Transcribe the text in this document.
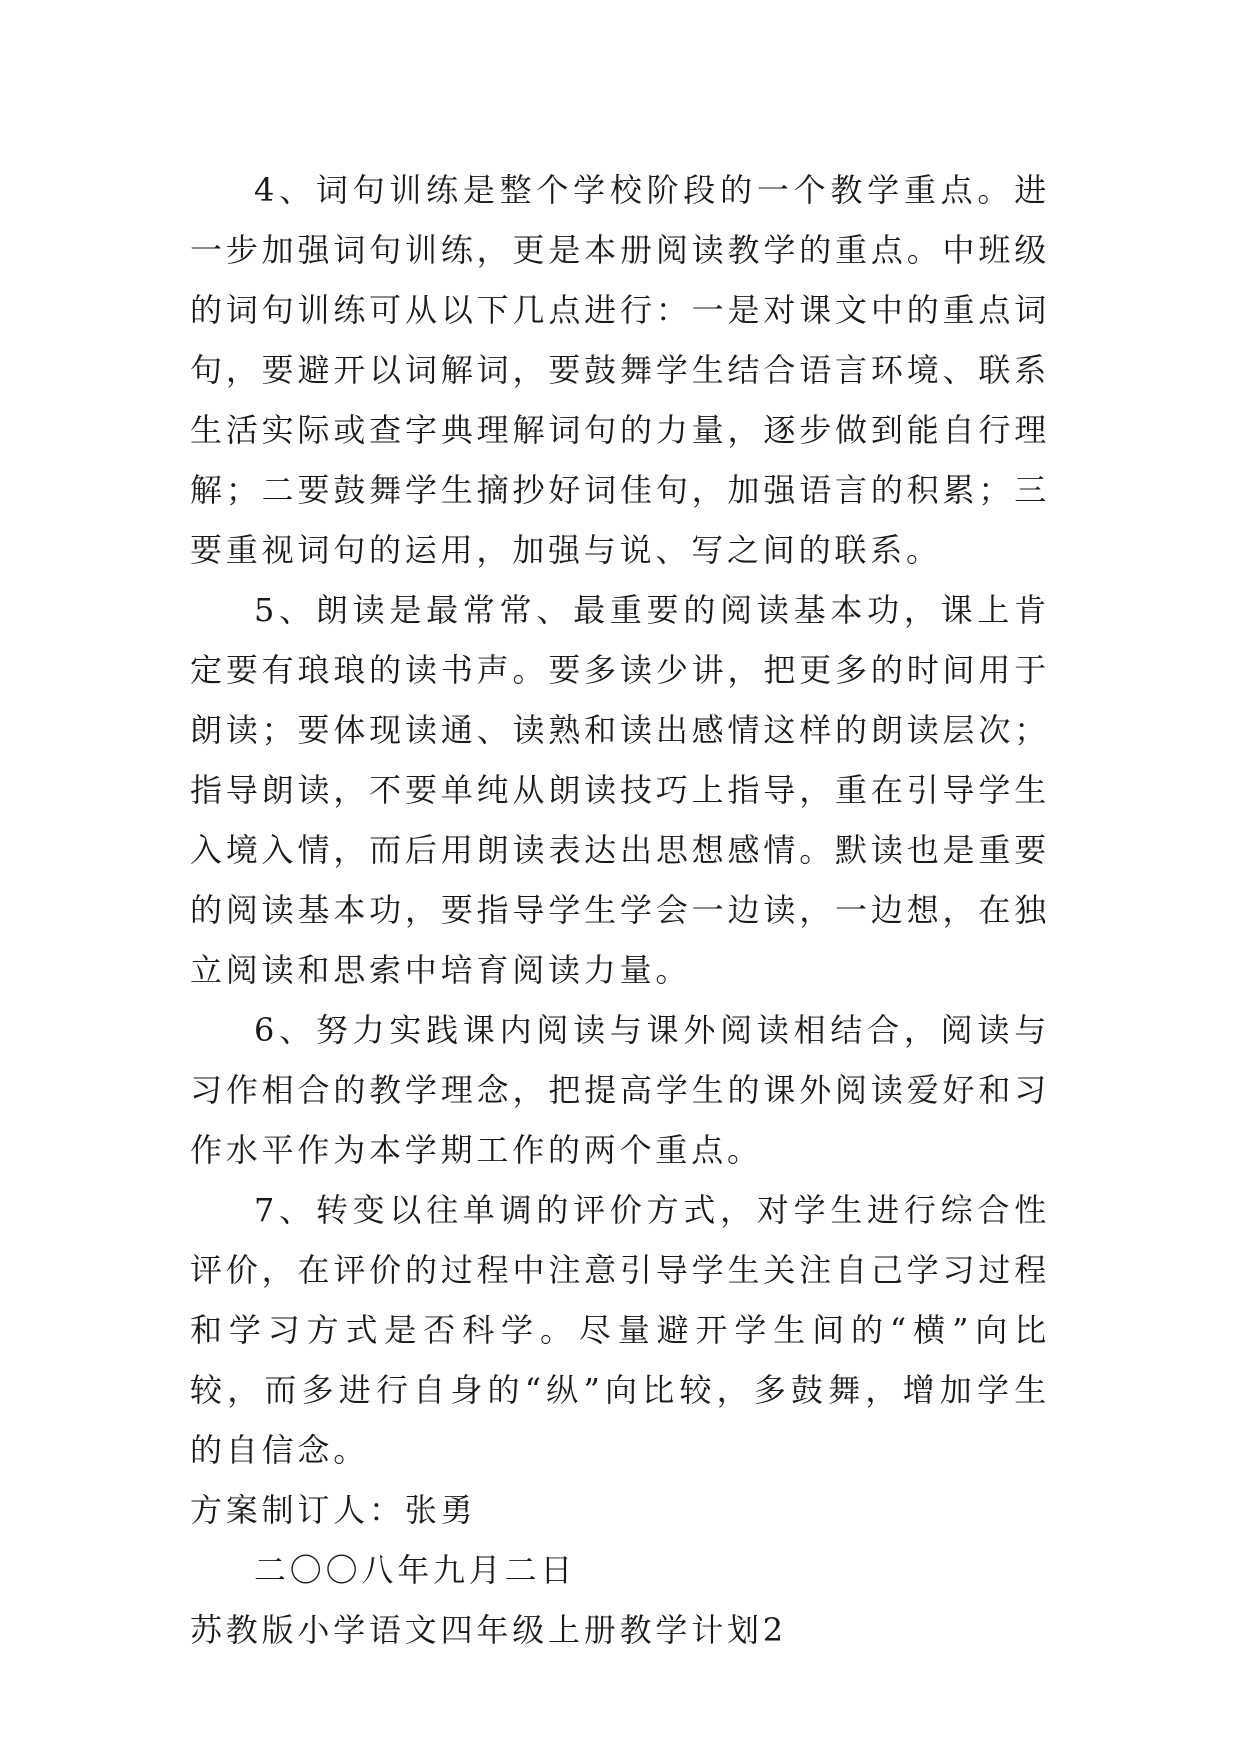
4、词句训练是整个学校阶段的一个教学重点。进一步加强词句训练，更是本册阅读教学的重点。中班级的词句训练可从以下几点进行：一是对课文中的重点词句，要避开以词解词，要鼓舞学生结合语言环境、联系生活实际或查字典理解词句的力量，逐步做到能自行理解；二要鼓舞学生摘抄好词佳句，加强语言的积累；三要重视词句的运用，加强与说、写之间的联系。

5、朗读是最常常、最重要的阅读基本功，课上肯定要有琅琅的读书声。要多读少讲，把更多的时间用于朗读；要体现读通、读熟和读出感情这样的朗读层次；指导朗读，不要单纯从朗读技巧上指导，重在引导学生入境入情，而后用朗读表达出思想感情。默读也是重要的阅读基本功，要指导学生学会一边读，一边想，在独立阅读和思索中培育阅读力量。

6、努力实践课内阅读与课外阅读相结合，阅读与习作相合的教学理念，把提高学生的课外阅读爱好和习作水平作为本学期工作的两个重点。

7、转变以往单调的评价方式，对学生进行综合性评价，在评价的过程中注意引导学生关注自己学习过程和学习方式是否科学。尽量避开学生间的“横”向比较，而多进行自身的“纵”向比较，多鼓舞，增加学生的自信念。

方案制订人：张勇

二〇〇八年九月二日

苏教版小学语文四年级上册教学计划2
